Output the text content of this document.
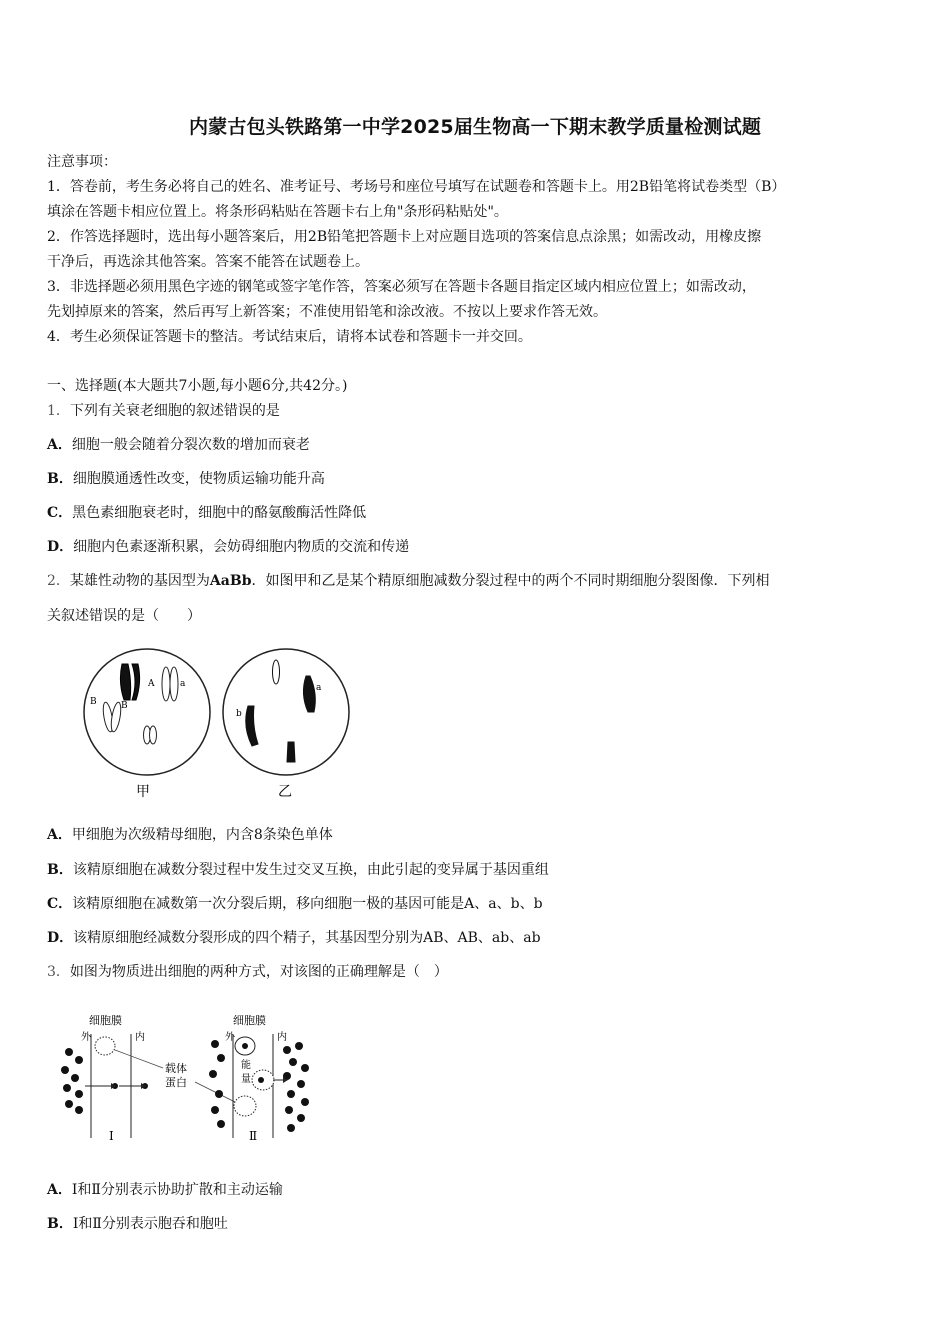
内蒙古包头铁路第一中学2025届生物高一下期末教学质量检测试题
注意事项：
1．答卷前，考生务必将自己的姓名、准考证号、考场号和座位号填写在试题卷和答题卡上。用2B铅笔将试卷类型（B）
填涂在答题卡相应位置上。将条形码粘贴在答题卡右上角"条形码粘贴处"。
2．作答选择题时，选出每小题答案后，用2B铅笔把答题卡上对应题目选项的答案信息点涂黑；如需改动，用橡皮擦
干净后，再选涂其他答案。答案不能答在试题卷上。
3．非选择题必须用黑色字迹的钢笔或签字笔作答，答案必须写在答题卡各题目指定区域内相应位置上；如需改动，
先划掉原来的答案，然后再写上新答案；不准使用铅笔和涂改液。不按以上要求作答无效。
4．考生必须保证答题卡的整洁。考试结束后，请将本试卷和答题卡一并交回。
一、选择题(本大题共7小题,每小题6分,共42分。)
1．下列有关衰老细胞的叙述错误的是
A．细胞一般会随着分裂次数的增加而衰老
B．细胞膜通透性改变，使物质运输功能升高
C．黑色素细胞衰老时，细胞中的酪氨酸酶活性降低
D．细胞内色素逐渐积累，会妨碍细胞内物质的交流和传递
2．某雄性动物的基因型为AaBb．如图甲和乙是某个精原细胞减数分裂过程中的两个不同时期细胞分裂图像．下列相
关叙述错误的是（　　）
A	a
B	B
甲
a
b
乙
A．甲细胞为次级精母细胞，内含8条染色单体
B．该精原细胞在减数分裂过程中发生过交叉互换，由此引起的变异属于基因重组
C．该精原细胞在减数第一次分裂后期，移向细胞一极的基因可能是A、a、b、b
D．该精原细胞经减数分裂形成的四个精子，其基因型分别为AB、AB、ab、ab
3．如图为物质进出细胞的两种方式，对该图的正确理解是（　）
细胞膜
外	内
Ⅰ
载体
蛋白
细胞膜
外	内
能
量
Ⅱ
A．Ⅰ和Ⅱ分别表示协助扩散和主动运输
B．Ⅰ和Ⅱ分别表示胞吞和胞吐
